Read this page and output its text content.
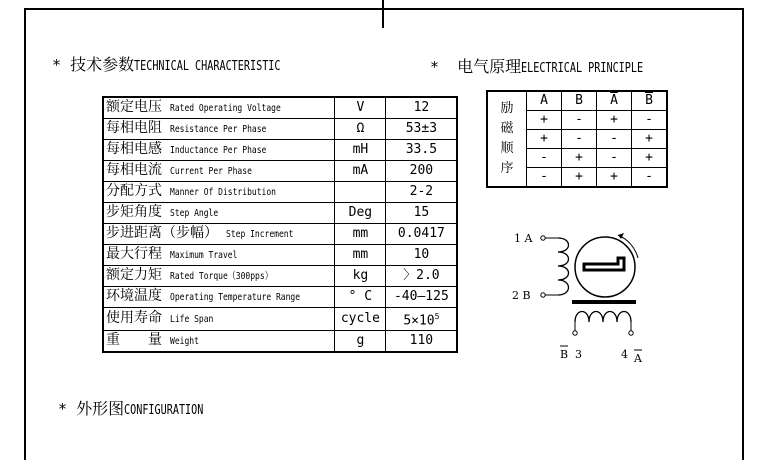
* 技术参数TECHNICAL CHARACTERISTIC	* 电气原理ELECTRICAL PRINCIPLE
* 外形图CONFIGURATION
额定电压 Rated Operating Voltage	V	12
每相电阻 Resistance Per Phase	Ω	53±3
每相电感 Inductance Per Phase	mH	33.5
每相电流 Current Per Phase	mA	200
分配方式 Manner Of Distribution		2-2
步矩角度 Step Angle	Deg	15
步进距离（步幅） Step Increment	mm	0.0417
最大行程 Maximum Travel	mm	10
额定力矩 Rated Torque（300pps）	kg	〉2.0
环境温度 Operating Temperature Range	° C	-40—125
使用寿命 Life Span	cycle	$5\times 10^5$
重　　量 Weight	g	110
励
磁
顺
序	A	B	$\overline{A}$	$\overline{B}$
	+	-	+	-
	+	-	-	+
	-	+	-	+
	-	+	+	-
1 A
2 B
B 3	4 A
